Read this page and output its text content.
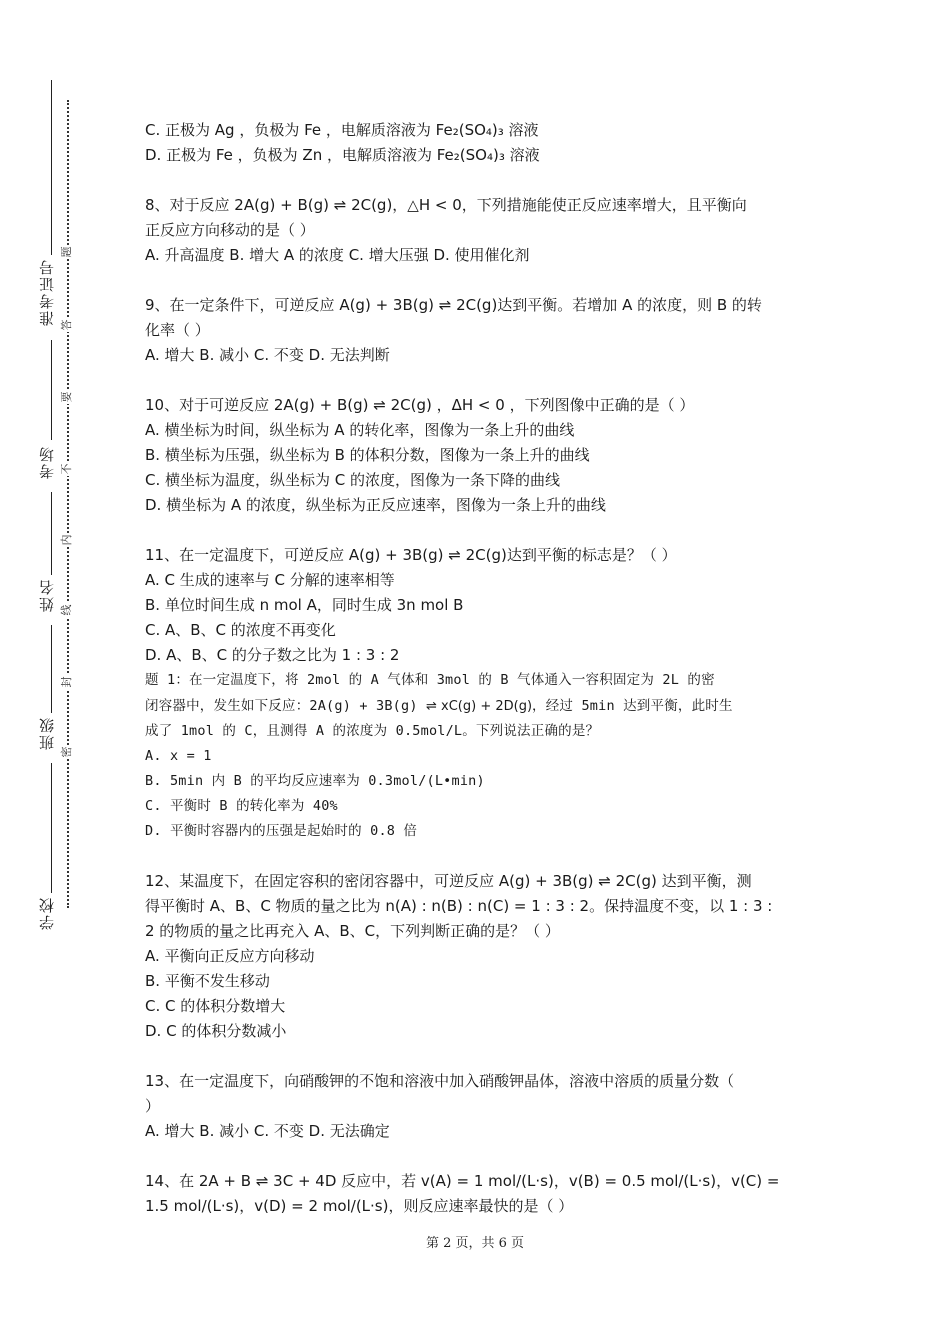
准考证号
考场
姓名
班级
学校
题
答
要
不
内
线
封
密

C. 正极为 Ag ，负极为 Fe ，电解质溶液为 Fe₂(SO₄)₃ 溶液

D. 正极为 Fe ，负极为 Zn ，电解质溶液为 Fe₂(SO₄)₃ 溶液

8、对于反应 2A(g) + B(g) ⇌ 2C(g)，△H < 0，下列措施能使正反应速率增大，且平衡向

正反应方向移动的是（ ）

A. 升高温度 B. 增大 A 的浓度 C. 增大压强 D. 使用催化剂

9、在一定条件下，可逆反应 A(g) + 3B(g) ⇌ 2C(g)达到平衡。若增加 A 的浓度，则 B 的转

化率（ ）

A. 增大 B. 减小 C. 不变 D. 无法判断

10、对于可逆反应 2A(g) + B(g) ⇌ 2C(g) ，ΔH < 0 ，下列图像中正确的是（ ）

A. 横坐标为时间，纵坐标为 A 的转化率，图像为一条上升的曲线

B. 横坐标为压强，纵坐标为 B 的体积分数，图像为一条上升的曲线

C. 横坐标为温度，纵坐标为 C 的浓度，图像为一条下降的曲线

D. 横坐标为 A 的浓度，纵坐标为正反应速率，图像为一条上升的曲线

11、在一定温度下，可逆反应 A(g) + 3B(g) ⇌ 2C(g)达到平衡的标志是？（ ）

A. C 生成的速率与 C 分解的速率相等

B. 单位时间生成 n mol A，同时生成 3n mol B

C. A、B、C 的浓度不再变化

D. A、B、C 的分子数之比为 1 : 3 : 2

题 1：在一定温度下，将 2mol 的 A 气体和 3mol 的 B 气体通入一容积固定为 2L 的密

闭容器中，发生如下反应：2A(g) + 3B(g) ⇌ xC(g) + 2D(g)，经过 5min 达到平衡，此时生

成了 1mol 的 C，且测得 A 的浓度为 0.5mol/L。下列说法正确的是？

A. x = 1

B. 5min 内 B 的平均反应速率为 0.3mol/(L•min)

C. 平衡时 B 的转化率为 40%

D. 平衡时容器内的压强是起始时的 0.8 倍

12、某温度下，在固定容积的密闭容器中，可逆反应 A(g) + 3B(g) ⇌ 2C(g) 达到平衡，测

得平衡时 A、B、C 物质的量之比为 n(A) : n(B) : n(C) = 1 : 3 : 2。保持温度不变，以 1 : 3 :

2 的物质的量之比再充入 A、B、C，下列判断正确的是？（ ）

A. 平衡向正反应方向移动

B. 平衡不发生移动

C. C 的体积分数增大

D. C 的体积分数减小

13、在一定温度下，向硝酸钾的不饱和溶液中加入硝酸钾晶体，溶液中溶质的质量分数（

）

A. 增大 B. 减小 C. 不变 D. 无法确定

14、在 2A + B ⇌ 3C + 4D 反应中，若 v(A) = 1 mol/(L·s)，v(B) = 0.5 mol/(L·s)，v(C) =

1.5 mol/(L·s)，v(D) = 2 mol/(L·s)，则反应速率最快的是（ ）

第 2 页，共 6 页
